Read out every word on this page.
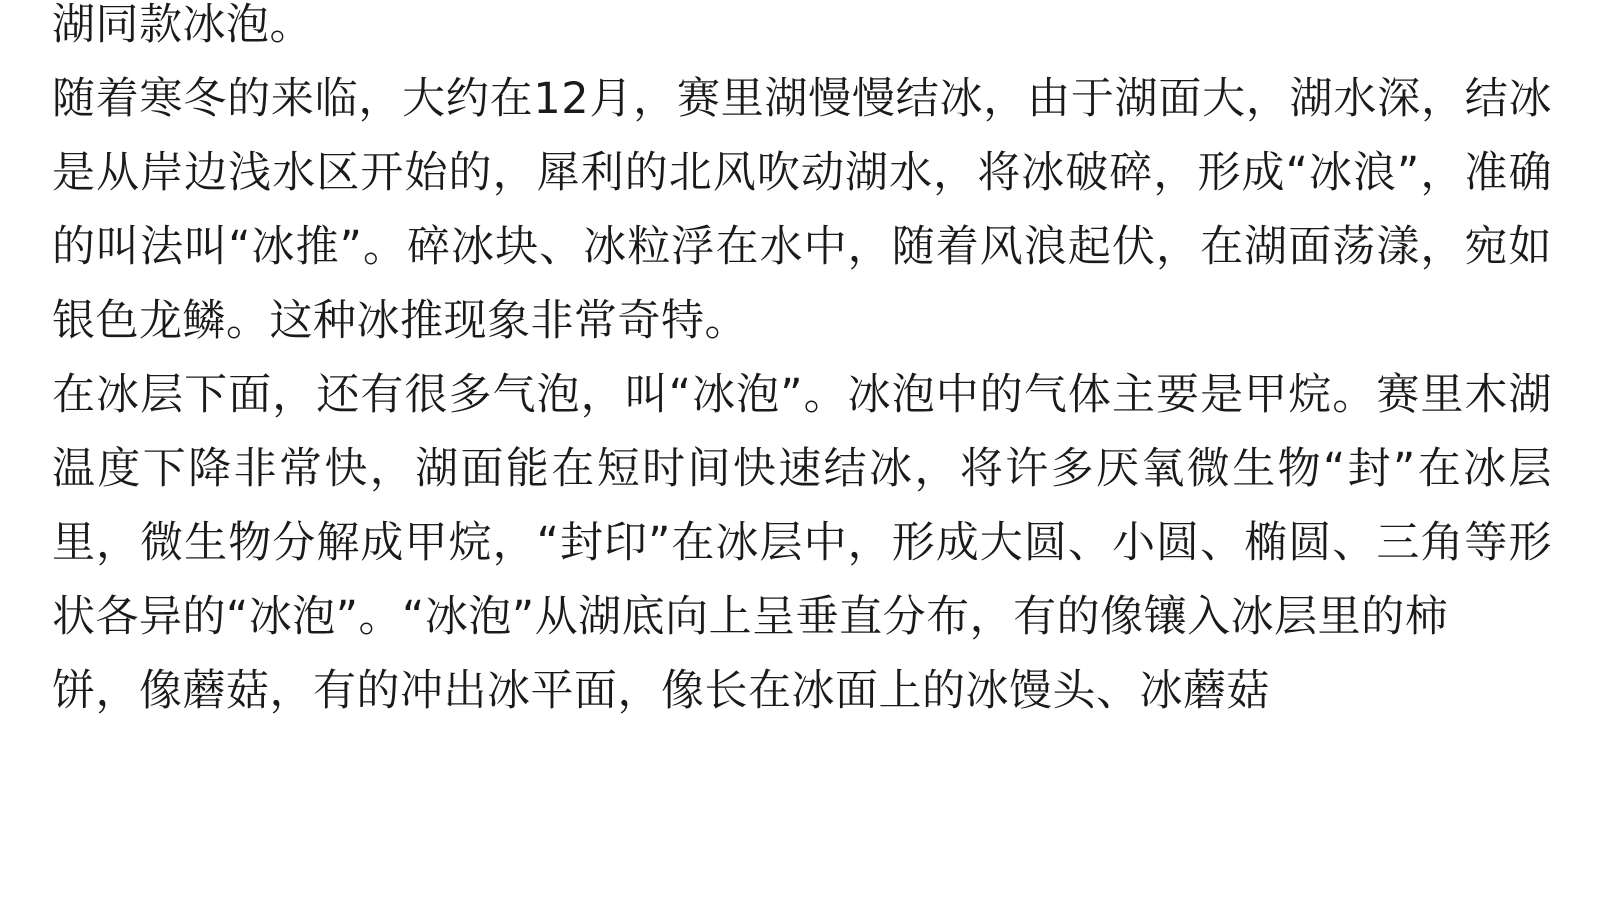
湖同款冰泡。

随着寒冬的来临，大约在12月，赛里湖慢慢结冰，由于湖面大，湖水深，结冰是从岸边浅水区开始的，犀利的北风吹动湖水，将冰破碎，形成“冰浪”，准确的叫法叫“冰推”。碎冰块、冰粒浮在水中，随着风浪起伏，在湖面荡漾，宛如银色龙鳞。这种冰推现象非常奇特。

在冰层下面，还有很多气泡，叫“冰泡”。冰泡中的气体主要是甲烷。赛里木湖温度下降非常快，湖面能在短时间快速结冰，将许多厌氧微生物“封”在冰层里，微生物分解成甲烷，“封印”在冰层中，形成大圆、小圆、椭圆、三角等形状各异的“冰泡”。“冰泡”从湖底向上呈垂直分布，有的像镶入冰层里的柿

饼，像蘑菇，有的冲出冰平面，像长在冰面上的冰馒头、冰蘑菇
